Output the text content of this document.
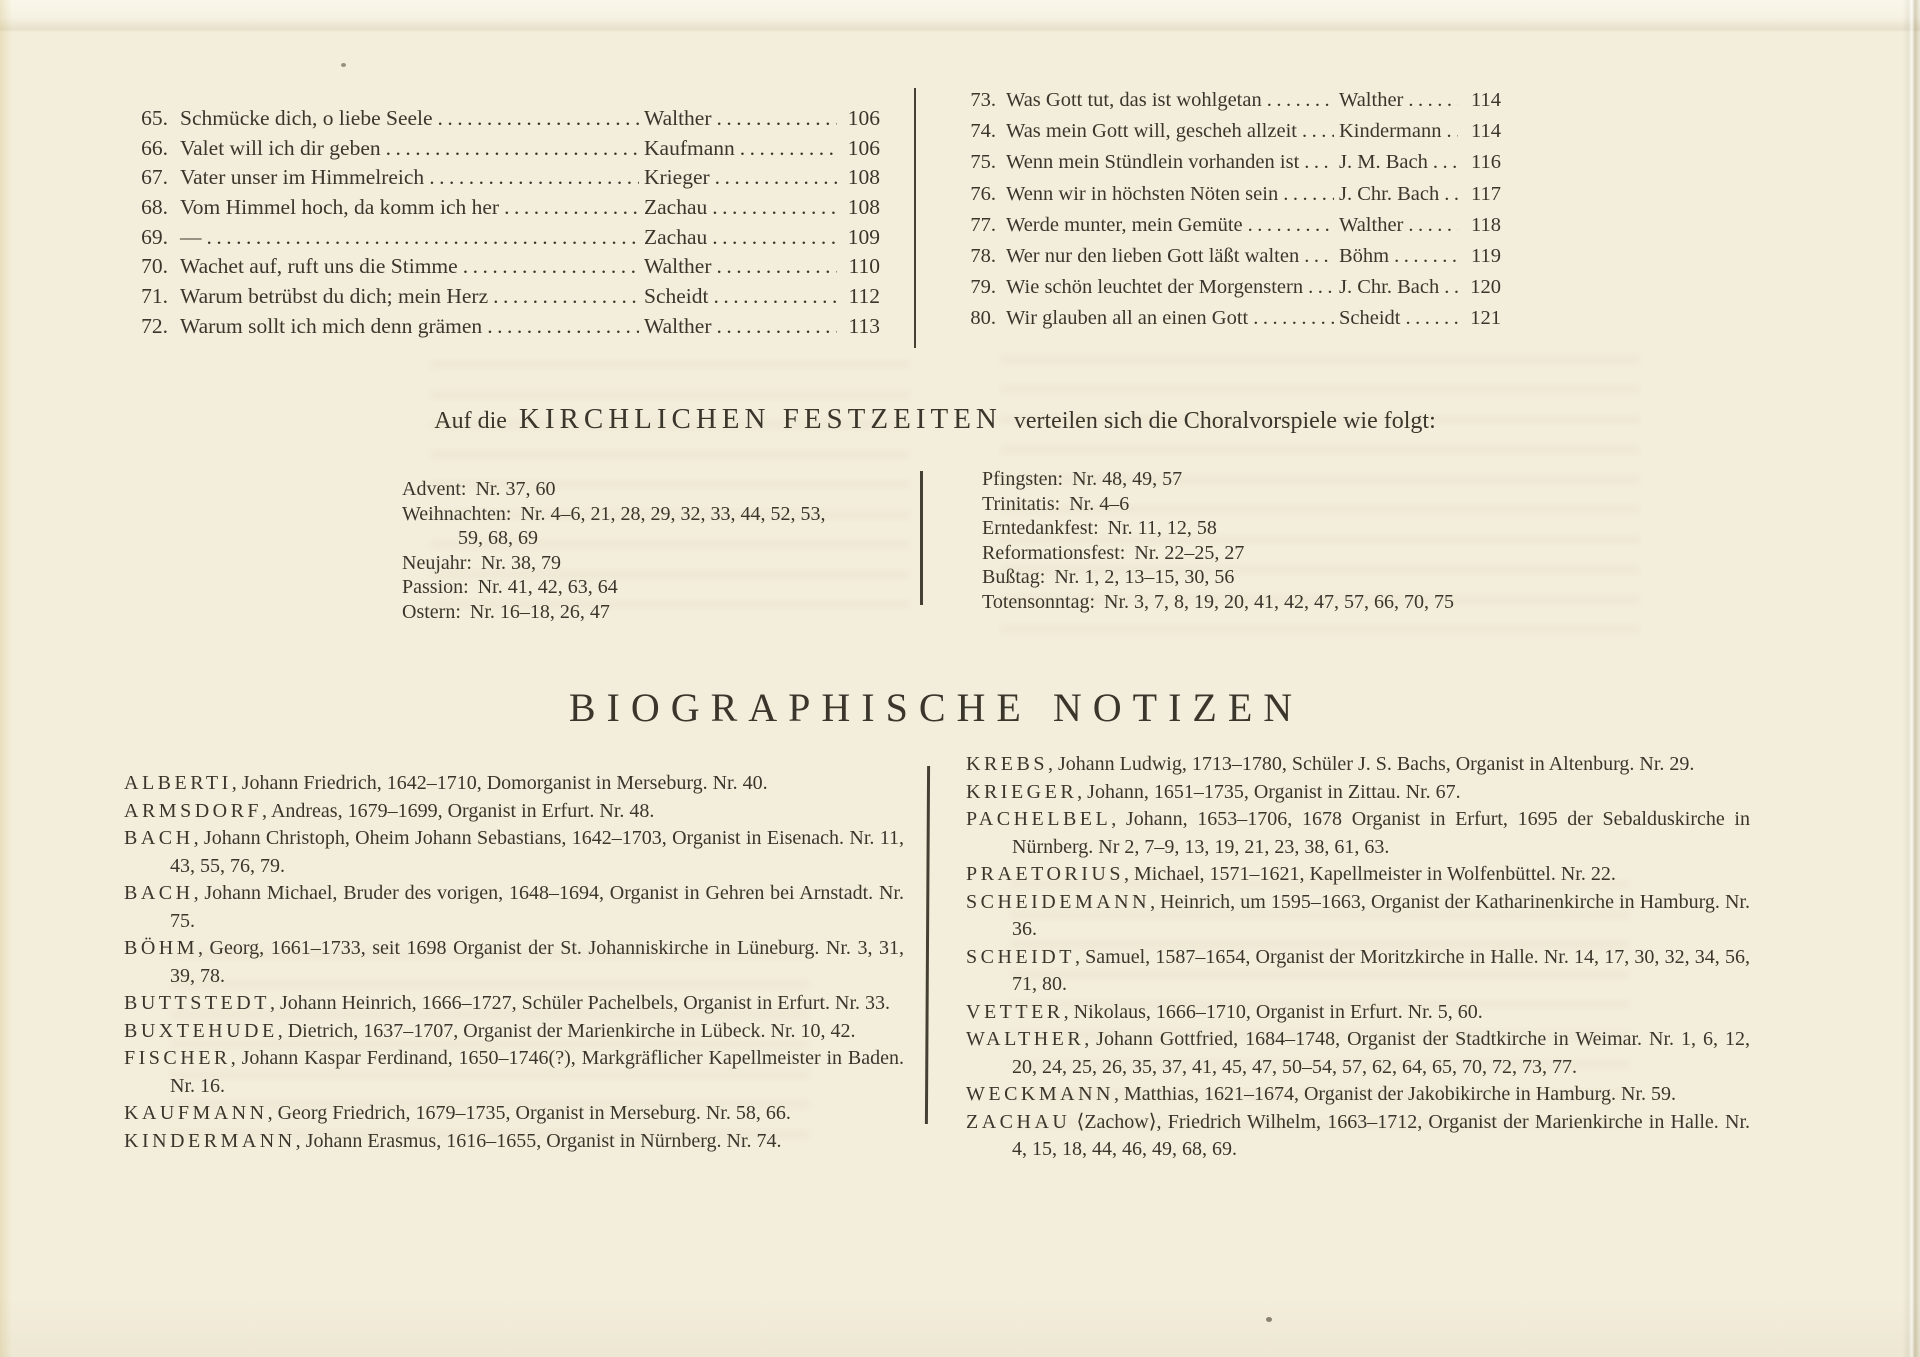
65. Schmücke dich, o liebe Seele .....	Walther .....	106
66. Valet will ich dir geben .....	Kaufmann .....	106
67. Vater unser im Himmelreich .....	Krieger .....	108
68. Vom Himmel hoch, da komm ich her .....	Zachau .....	108
69. — .....	Zachau .....	109
70. Wachet auf, ruft uns die Stimme .....	Walther .....	110
71. Warum betrübst du dich; mein Herz .....	Scheidt .....	112
72. Warum sollt ich mich denn grämen .....	Walther .....	113
73. Was Gott tut, das ist wohlgetan .....	Walther .....	114
74. Was mein Gott will, gescheh allzeit ..... Kindermann .....	114
75. Wenn mein Stündlein vorhanden ist ..... J. M. Bach .....	116
76. Wenn wir in höchsten Nöten sein .....	J. Chr. Bach .....	117
77. Werde munter, mein Gemüte .....	Walther .....	118
78. Wer nur den lieben Gott läßt walten ..... Böhm .....	119
79. Wie schön leuchtet der Morgenstern ..... J. Chr. Bach .....	120
80. Wir glauben all an einen Gott .....	Scheidt .....	121
Auf die KIRCHLICHEN FESTZEITEN verteilen sich die Choralvorspiele wie folgt:
Advent: Nr. 37, 60
Weihnachten: Nr. 4–6, 21, 28, 29, 32, 33, 44, 52, 53,
59, 68, 69
Neujahr: Nr. 38, 79
Passion: Nr. 41, 42, 63, 64
Ostern: Nr. 16–18, 26, 47
Pfingsten: Nr. 48, 49, 57
Trinitatis: Nr. 4–6
Erntedankfest: Nr. 11, 12, 58
Reformationsfest: Nr. 22–25, 27
Bußtag: Nr. 1, 2, 13–15, 30, 56
Totensonntag: Nr. 3, 7, 8, 19, 20, 41, 42, 47, 57, 66, 70, 75
BIOGRAPHISCHE NOTIZEN

ALBERTI, Johann Friedrich, 1642–1710, Domorganist in Merseburg. Nr. 40.

ARMSDORF, Andreas, 1679–1699, Organist in Erfurt. Nr. 48.

BACH, Johann Christoph, Oheim Johann Sebastians, 1642–1703, Organist in Eisenach. Nr. 11, 43, 55, 76, 79.

BACH, Johann Michael, Bruder des vorigen, 1648–1694, Organist in Gehren bei Arnstadt. Nr. 75.

BÖHM, Georg, 1661–1733, seit 1698 Organist der St. Johanniskirche in Lüneburg. Nr. 3, 31, 39, 78.

BUTTSTEDT, Johann Heinrich, 1666–1727, Schüler Pachelbels, Organist in Erfurt. Nr. 33.

BUXTEHUDE, Dietrich, 1637–1707, Organist der Marienkirche in Lübeck. Nr. 10, 42.

FISCHER, Johann Kaspar Ferdinand, 1650–1746(?), Markgräflicher Kapellmeister in Baden. Nr. 16.

KAUFMANN, Georg Friedrich, 1679–1735, Organist in Merseburg. Nr. 58, 66.

KINDERMANN, Johann Erasmus, 1616–1655, Organist in Nürnberg. Nr. 74.

KREBS, Johann Ludwig, 1713–1780, Schüler J. S. Bachs, Organist in Altenburg. Nr. 29.

KRIEGER, Johann, 1651–1735, Organist in Zittau. Nr. 67.

PACHELBEL, Johann, 1653–1706, 1678 Organist in Erfurt, 1695 der Sebalduskirche in Nürnberg. Nr 2, 7–9, 13, 19, 21, 23, 38, 61, 63.

PRAETORIUS, Michael, 1571–1621, Kapellmeister in Wolfenbüttel. Nr. 22.

SCHEIDEMANN, Heinrich, um 1595–1663, Organist der Katharinenkirche in Hamburg. Nr. 36.

SCHEIDT, Samuel, 1587–1654, Organist der Moritzkirche in Halle. Nr. 14, 17, 30, 32, 34, 56, 71, 80.

VETTER, Nikolaus, 1666–1710, Organist in Erfurt. Nr. 5, 60.

WALTHER, Johann Gottfried, 1684–1748, Organist der Stadtkirche in Weimar. Nr. 1, 6, 12, 20, 24, 25, 26, 35, 37, 41, 45, 47, 50–54, 57, 62, 64, 65, 70, 72, 73, 77.

WECKMANN, Matthias, 1621–1674, Organist der Jakobikirche in Hamburg. Nr. 59.

ZACHAU ⟨Zachow⟩, Friedrich Wilhelm, 1663–1712, Organist der Marienkirche in Halle. Nr. 4, 15, 18, 44, 46, 49, 68, 69.
